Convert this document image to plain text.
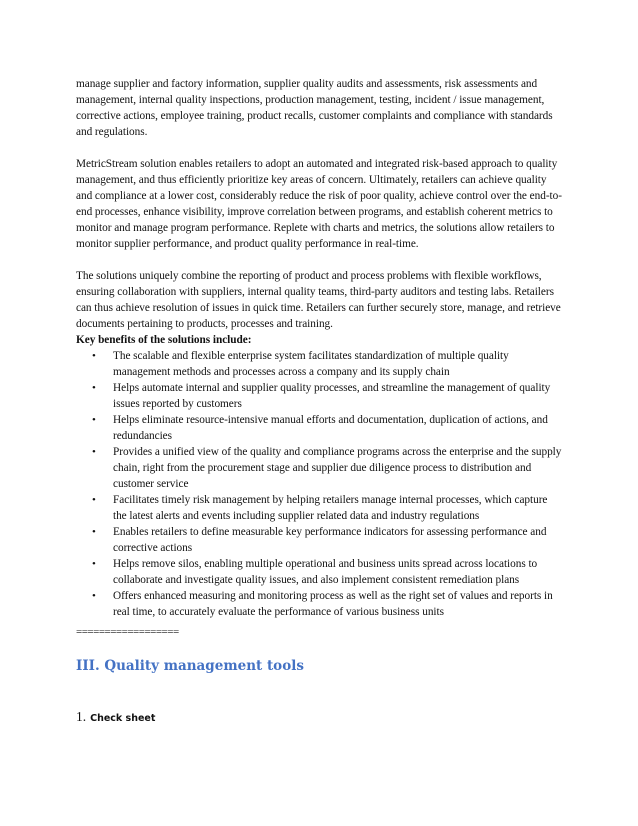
manage supplier and factory information, supplier quality audits and assessments, risk assessments and management, internal quality inspections, production management, testing, incident / issue management, corrective actions, employee training, product recalls, customer complaints and compliance with standards and regulations.

MetricStream solution enables retailers to adopt an automated and integrated risk-based approach to quality management, and thus efficiently prioritize key areas of concern. Ultimately, retailers can achieve quality and compliance at a lower cost, considerably reduce the risk of poor quality, achieve control over the end-to-end processes, enhance visibility, improve correlation between programs, and establish coherent metrics to monitor and manage program performance. Replete with charts and metrics, the solutions allow retailers to monitor supplier performance, and product quality performance in real-time.

The solutions uniquely combine the reporting of product and process problems with flexible workflows, ensuring collaboration with suppliers, internal quality teams, third-party auditors and testing labs. Retailers can thus achieve resolution of issues in quick time. Retailers can further securely store, manage, and retrieve documents pertaining to products, processes and training.

Key benefits of the solutions include:

• The scalable and flexible enterprise system facilitates standardization of multiple quality management methods and processes across a company and its supply chain
• Helps automate internal and supplier quality processes, and streamline the management of quality issues reported by customers
• Helps eliminate resource-intensive manual efforts and documentation, duplication of actions, and redundancies
• Provides a unified view of the quality and compliance programs across the enterprise and the supply chain, right from the procurement stage and supplier due diligence process to distribution and customer service
• Facilitates timely risk management by helping retailers manage internal processes, which capture the latest alerts and events including supplier related data and industry regulations
• Enables retailers to define measurable key performance indicators for assessing performance and corrective actions
• Helps remove silos, enabling multiple operational and business units spread across locations to collaborate and investigate quality issues, and also implement consistent remediation plans
• Offers enhanced measuring and monitoring process as well as the right set of values and reports in real time, to accurately evaluate the performance of various business units
==================
III. Quality management tools

1. Check sheet
